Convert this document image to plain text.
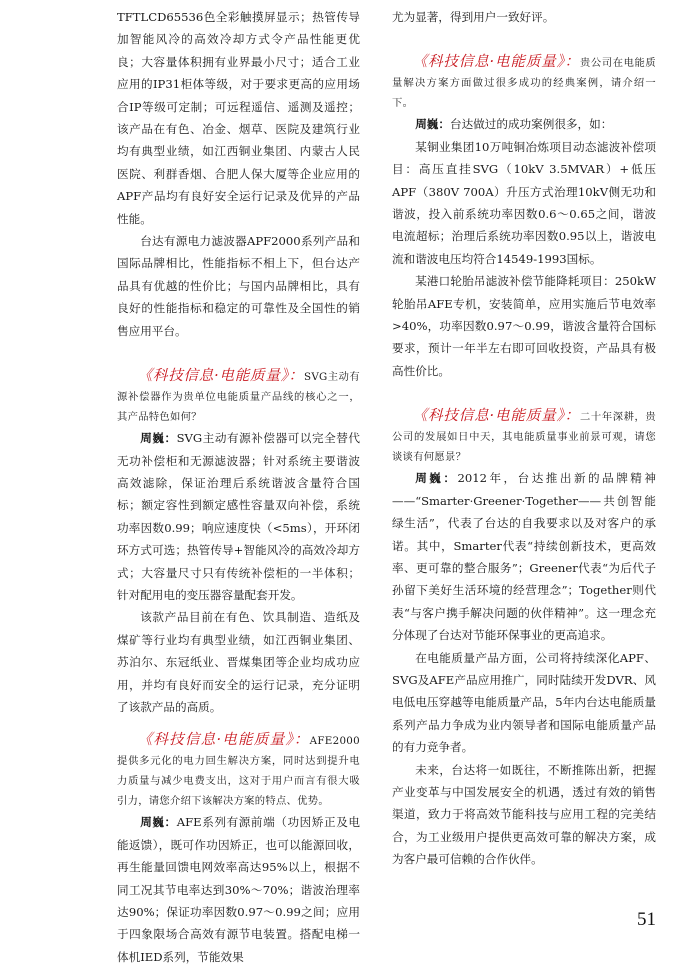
TFTLCD65536色全彩触摸屏显示；热管传导加智能风冷的高效冷却方式令产品性能更优良；大容量体积拥有业界最小尺寸；适合工业应用的IP31柜体等级，对于要求更高的应用场合IP等级可定制；可远程遥信、遥测及遥控；该产品在有色、冶金、烟草、医院及建筑行业均有典型业绩，如江西铜业集团、内蒙古人民医院、利群香烟、合肥人保大厦等企业应用的APF产品均有良好安全运行记录及优异的产品性能。

台达有源电力滤波器APF2000系列产品和国际品牌相比，性能指标不相上下，但台达产品具有优越的性价比；与国内品牌相比，具有良好的性能指标和稳定的可靠性及全国性的销售应用平台。

《科技信息·电能质量》：SVG主动有源补偿器作为贵单位电能质量产品线的核心之一，其产品特色如何？

周巍：SVG主动有源补偿器可以完全替代无功补偿柜和无源滤波器；针对系统主要谐波高效滤除，保证治理后系统谐波含量符合国标；额定容性到额定感性容量双向补偿，系统功率因数0.99；响应速度快（<5ms），开环闭环方式可选；热管传导+智能风冷的高效冷却方式；大容量尺寸只有传统补偿柜的一半体积；针对配用电的变压器容量配套开发。

该款产品目前在有色、饮具制造、造纸及煤矿等行业均有典型业绩，如江西铜业集团、苏泊尔、东冠纸业、晋煤集团等企业均成功应用，并均有良好而安全的运行记录，充分证明了该款产品的高质。

《科技信息·电能质量》：AFE2000提供多元化的电力回生解决方案，同时达到提升电力质量与减少电费支出，这对于用户而言有很大吸引力，请您介绍下该解决方案的特点、优势。

周巍：AFE系列有源前端（功因矫正及电能返馈），既可作功因矫正，也可以能源回收，再生能量回馈电网效率高达95%以上，根据不同工况其节电率达到30%～70%；谐波治理率达90%；保证功率因数0.97～0.99之间；应用于四象限场合高效有源节电装置。搭配电梯一体机IED系列，节能效果

尤为显著，得到用户一致好评。

《科技信息·电能质量》：贵公司在电能质量解决方案方面做过很多成功的经典案例，请介绍一下。

周巍：台达做过的成功案例很多，如：

某铜业集团10万吨铜冶炼项目动态滤波补偿项目：高压直挂SVG（10kV 3.5MVAR）+低压APF（380V 700A）升压方式治理10kV侧无功和谐波，投入前系统功率因数0.6～0.65之间，谐波电流超标；治理后系统功率因数0.95以上，谐波电流和谐波电压均符合14549-1993国标。

某港口轮胎吊滤波补偿节能降耗项目：250kW轮胎吊AFE专机，安装简单，应用实施后节电效率>40%，功率因数0.97～0.99，谐波含量符合国标要求，预计一年半左右即可回收投资，产品具有极高性价比。

《科技信息·电能质量》：二十年深耕，贵公司的发展如日中天，其电能质量事业前景可观，请您谈谈有何愿景？

周巍：2012年，台达推出新的品牌精神——“Smarter·Greener·Together——共创智能绿生活”，代表了台达的自我要求以及对客户的承诺。其中，Smarter代表“持续创新技术，更高效率、更可靠的整合服务”；Greener代表“为后代子孙留下美好生活环境的经营理念”；Together则代表“与客户携手解决问题的伙伴精神”。这一理念充分体现了台达对节能环保事业的更高追求。

在电能质量产品方面，公司将持续深化APF、SVG及AFE产品应用推广，同时陆续开发DVR、风电低电压穿越等电能质量产品，5年内台达电能质量系列产品力争成为业内领导者和国际电能质量产品的有力竞争者。

未来，台达将一如既往，不断推陈出新，把握产业变革与中国发展安全的机遇，透过有效的销售渠道，致力于将高效节能科技与应用工程的完美结合，为工业级用户提供更高效可靠的解决方案，成为客户最可信赖的合作伙伴。

51
